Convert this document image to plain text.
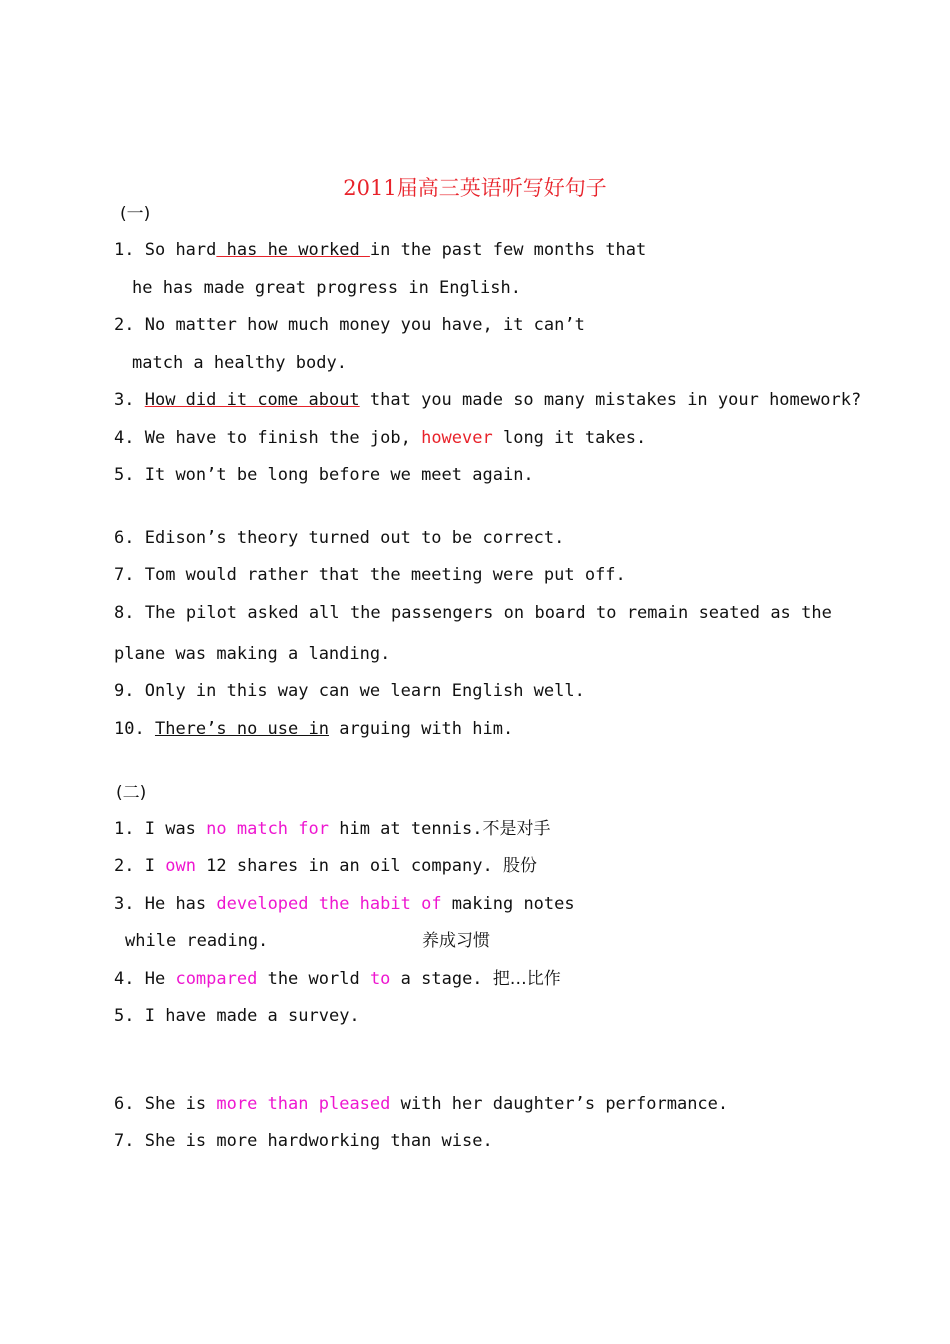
2011届高三英语听写好句子
(一)
1. So hard has he worked in the past few months that
he has made great progress in English.
2. No matter how much money you have, it can’t
match a healthy body.
3. How did it come about that you made so many mistakes in your homework?
4. We have to finish the job, however long it takes.
5. It won’t be long before we meet again.
6. Edison’s theory turned out to be correct.
7. Tom would rather that the meeting were put off.
8. The pilot asked all the passengers on board to remain seated as the
plane was making a landing.
9. Only in this way can we learn English well.
10. There’s no use in arguing with him.
(二)
1. I was no match for him at tennis.不是对手
2. I own 12 shares in an oil company. 股份
3. He has developed the habit of making notes
while reading.	养成习惯
4. He compared the world to a stage. 把…比作
5. I have made a survey.
6. She is more than pleased with her daughter’s performance.
7. She is more hardworking than wise.
